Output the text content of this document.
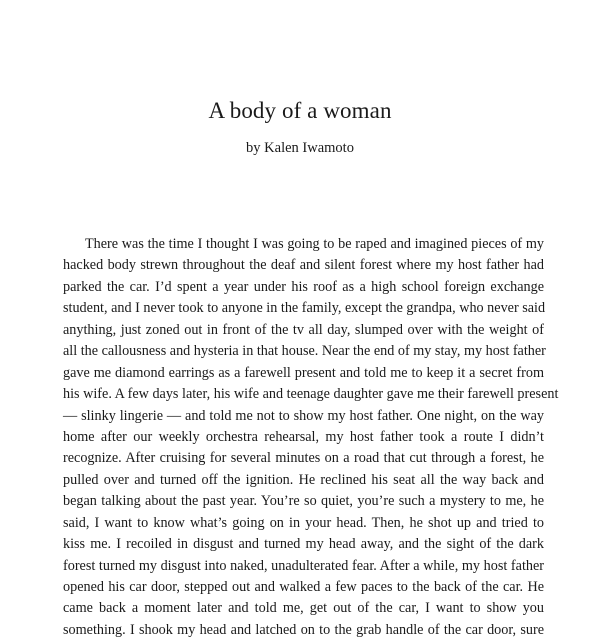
A body of a woman
by Kalen Iwamoto
There was the time I thought I was going to be raped and imagined pieces of my
hacked body strewn throughout the deaf and silent forest where my host father had
parked the car. I’d spent a year under his roof as a high school foreign exchange
student, and I never took to anyone in the family, except the grandpa, who never said
anything, just zoned out in front of the tv all day, slumped over with the weight of
all the callousness and hysteria in that house. Near the end of my stay, my host father
gave me diamond earrings as a farewell present and told me to keep it a secret from
his wife. A few days later, his wife and teenage daughter gave me their farewell present
— slinky lingerie — and told me not to show my host father. One night, on the way
home after our weekly orchestra rehearsal, my host father took a route I didn’t
recognize. After cruising for several minutes on a road that cut through a forest, he
pulled over and turned off the ignition. He reclined his seat all the way back and
began talking about the past year. You’re so quiet, you’re such a mystery to me, he
said, I want to know what’s going on in your head. Then, he shot up and tried to
kiss me. I recoiled in disgust and turned my head away, and the sight of the dark
forest turned my disgust into naked, unadulterated fear. After a while, my host father
opened his car door, stepped out and walked a few paces to the back of the car. He
came back a moment later and told me, get out of the car, I want to show you
something. I shook my head and latched on to the grab handle of the car door, sure
